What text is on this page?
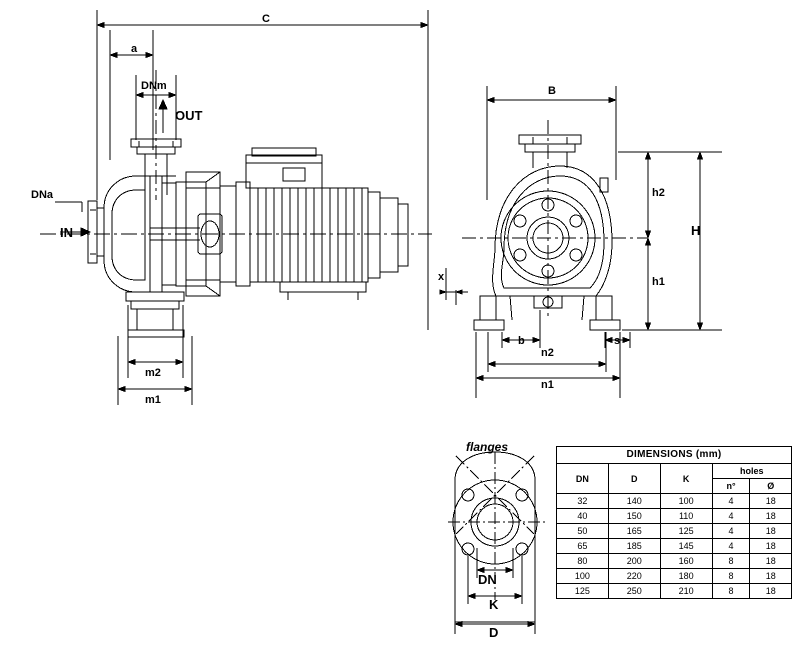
C
a
DNm
OUT
DNa
IN
m2
m1
B
h2
H
h1
x
b
n2
s
n1
flanges
DN
K
D
DIMENSIONS (mm)				
DN	D	K	holes	
			n°	Ø
32	140	100	4	18
40	150	110	4	18
50	165	125	4	18
65	185	145	4	18
80	200	160	8	18
100	220	180	8	18
125	250	210	8	18
